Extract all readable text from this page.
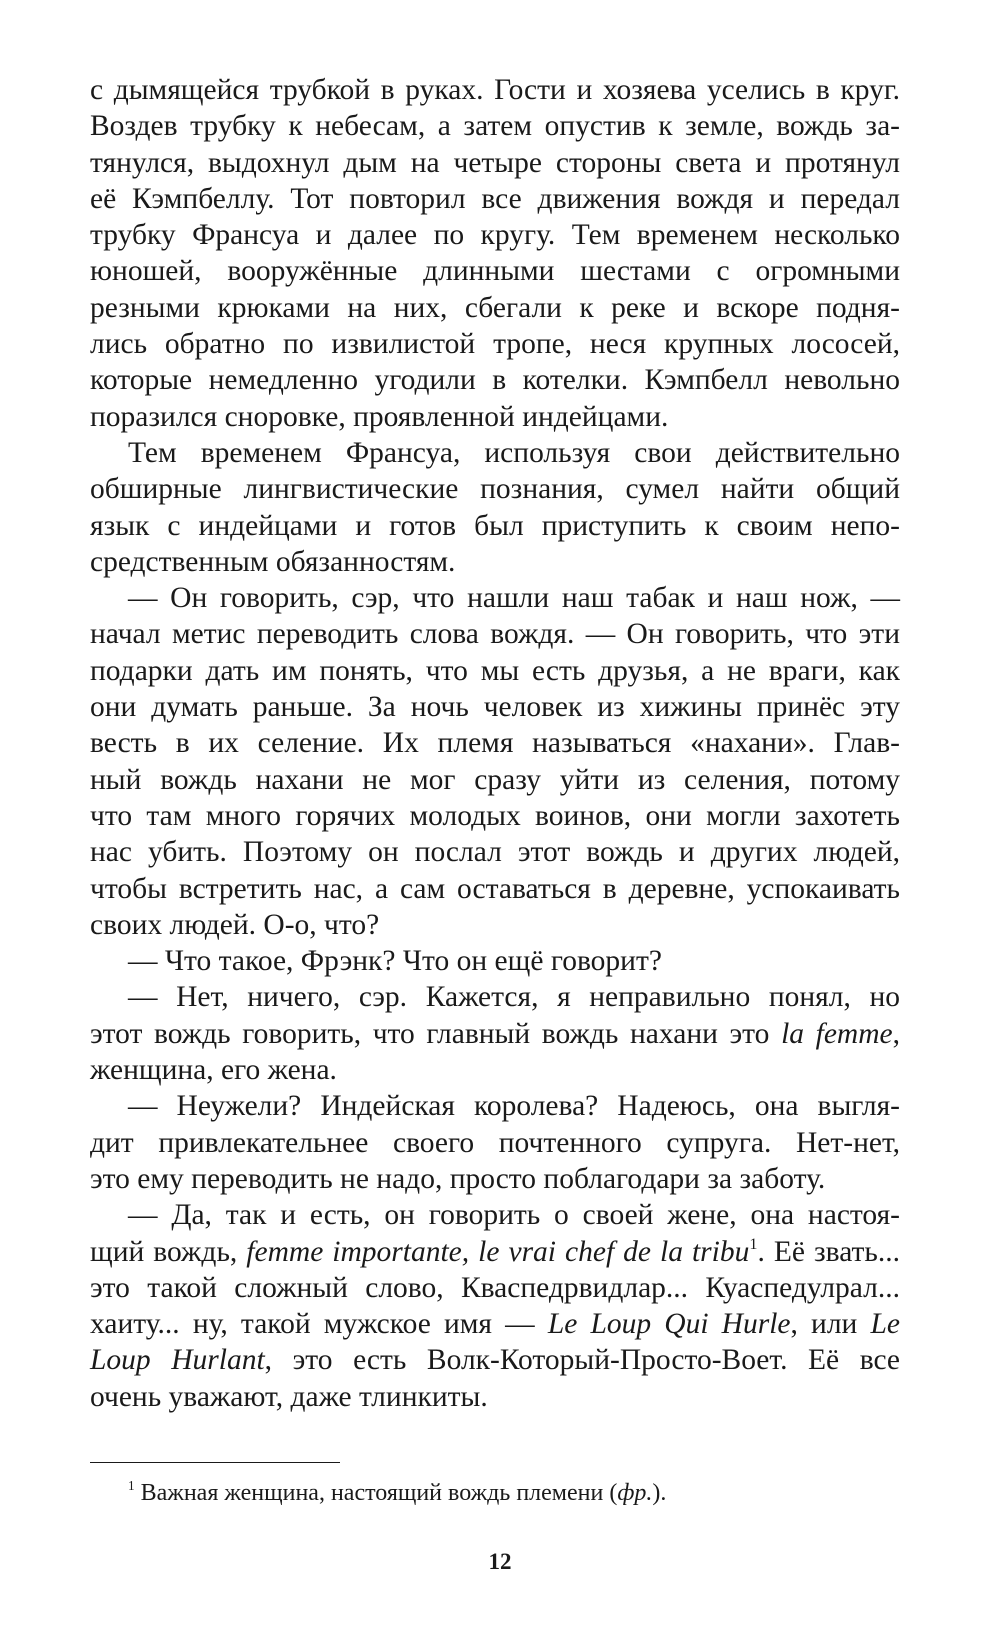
с дымящейся трубкой в руках. Гости и хозяева уселись в круг.
Воздев трубку к небесам, а затем опустив к земле, вождь за-
тянулся, выдохнул дым на четыре стороны света и протянул
её Кэмпбеллу. Тот повторил все движения вождя и передал
трубку Франсуа и далее по кругу. Тем временем несколько
юношей, вооружённые длинными шестами с огромными
резными крюками на них, сбегали к реке и вскоре подня-
лись обратно по извилистой тропе, неся крупных лососей,
которые немедленно угодили в котелки. Кэмпбелл невольно
поразился сноровке, проявленной индейцами.
Тем временем Франсуа, используя свои действительно
обширные лингвистические познания, сумел найти общий
язык с индейцами и готов был приступить к своим непо-
средственным обязанностям.
— Он говорить, сэр, что нашли наш табак и наш нож, —
начал метис переводить слова вождя. — Он говорить, что эти
подарки дать им понять, что мы есть друзья, а не враги, как
они думать раньше. За ночь человек из хижины принёс эту
весть в их селение. Их племя называться «нахани». Глав-
ный вождь нахани не мог сразу уйти из селения, потому
что там много горячих молодых воинов, они могли захотеть
нас убить. Поэтому он послал этот вождь и других людей,
чтобы встретить нас, а сам оставаться в деревне, успокаивать
своих людей. О-о, что?
— Что такое, Фрэнк? Что он ещё говорит?
— Нет, ничего, сэр. Кажется, я неправильно понял, но
этот вождь говорить, что главный вождь нахани это la femme,
женщина, его жена.
— Неужели? Индейская королева? Надеюсь, она выгля-
дит привлекательнее своего почтенного супруга. Нет-нет,
это ему переводить не надо, просто поблагодари за заботу.
— Да, так и есть, он говорить о своей жене, она настоя-
щий вождь, femme importante, le vrai chef de la tribu$^1$. Её звать...
это такой сложный слово, Кваспедрвидлар... Куаспедулрал...
хаиту... ну, такой мужское имя — Le Loup Qui Hurle, или Le
Loup Hurlant, это есть Волк-Который-Просто-Воет. Её все
очень уважают, даже тлинкиты.
$^1$ Важная женщина, настоящий вождь племени (фр.).
12
